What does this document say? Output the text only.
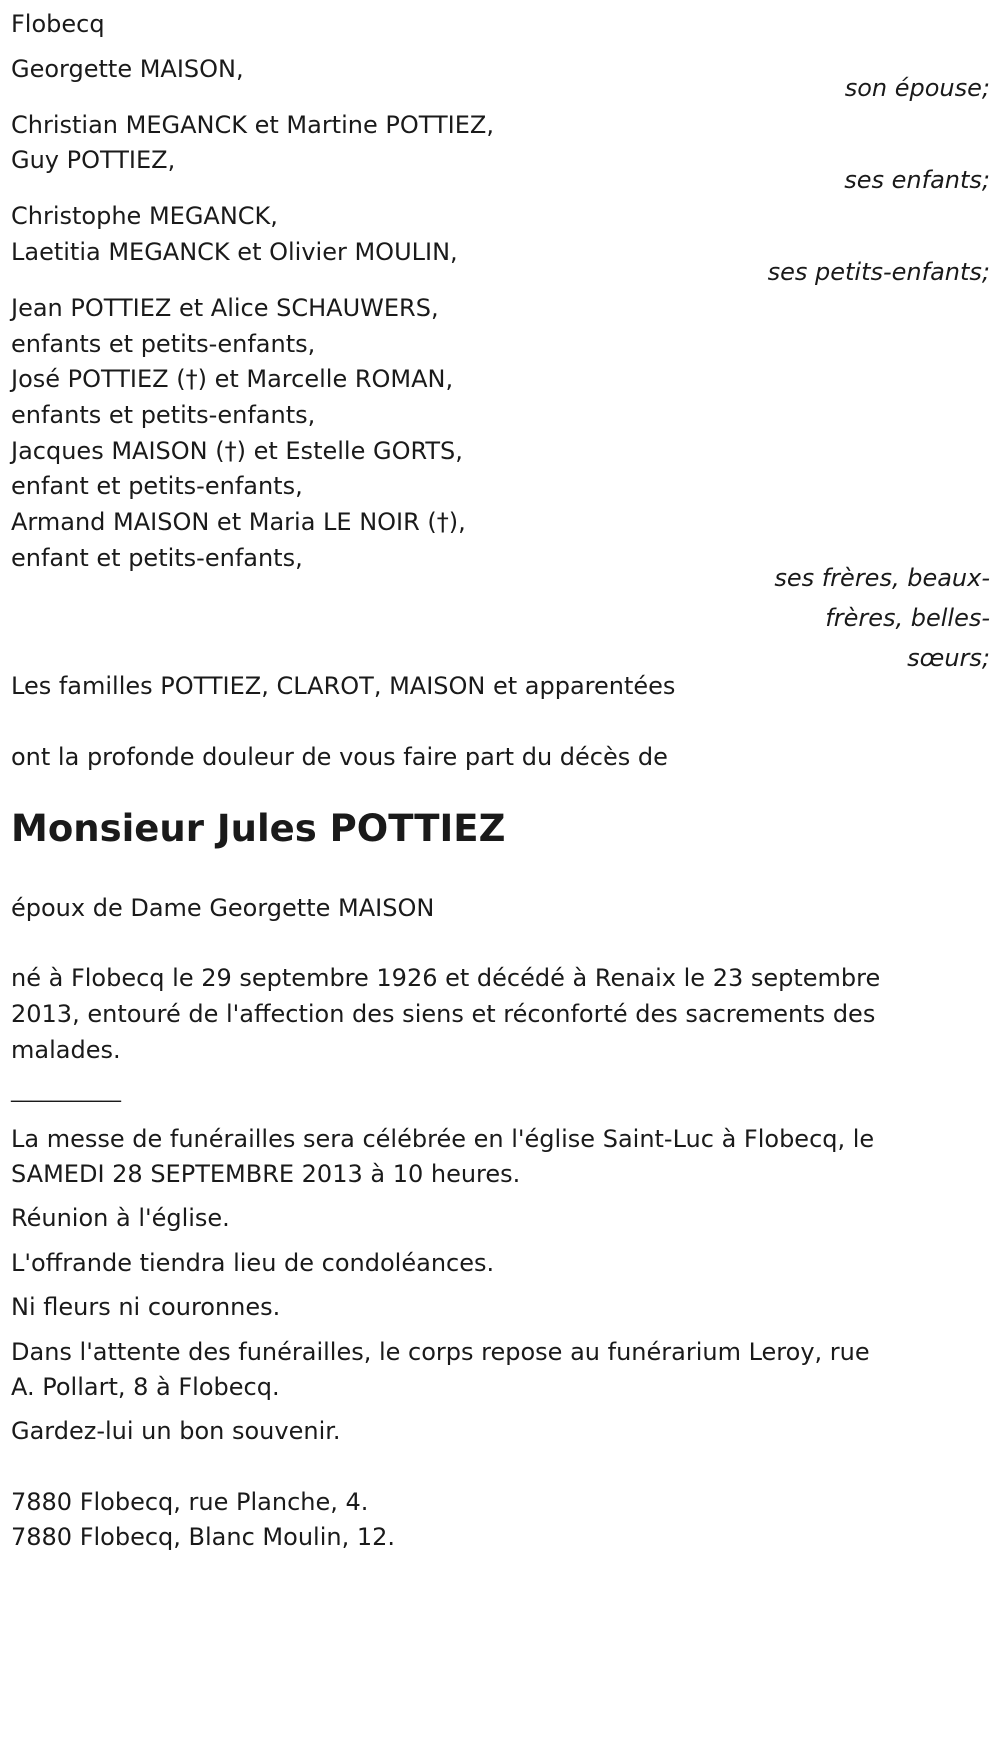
Flobecq
Georgette MAISON,
son épouse;
Christian MEGANCK et Martine POTTIEZ,
Guy POTTIEZ,
ses enfants;
Christophe MEGANCK,
Laetitia MEGANCK et Olivier MOULIN,
ses petits-enfants;
Jean POTTIEZ et Alice SCHAUWERS,
enfants et petits-enfants,
José POTTIEZ (†) et Marcelle ROMAN,
enfants et petits-enfants,
Jacques MAISON (†) et Estelle GORTS,
enfant et petits-enfants,
Armand MAISON et Maria LE NOIR (†),
enfant et petits-enfants,
ses frères, beaux-
frères, belles-
sœurs;
Les familles POTTIEZ, CLAROT, MAISON et apparentées
ont la profonde douleur de vous faire part du décès de
Monsieur Jules POTTIEZ
époux de Dame Georgette MAISON
né à Flobecq le 29 septembre 1926 et décédé à Renaix le 23 septembre
2013, entouré de l'affection des siens et réconforté des sacrements des
malades.
___________
La messe de funérailles sera célébrée en l'église Saint-Luc à Flobecq, le
SAMEDI 28 SEPTEMBRE 2013 à 10 heures.
Réunion à l'église.
L'offrande tiendra lieu de condoléances.
Ni fleurs ni couronnes.
Dans l'attente des funérailles, le corps repose au funérarium Leroy, rue
A. Pollart, 8 à Flobecq.
Gardez-lui un bon souvenir.
7880 Flobecq, rue Planche, 4.
7880 Flobecq, Blanc Moulin, 12.
